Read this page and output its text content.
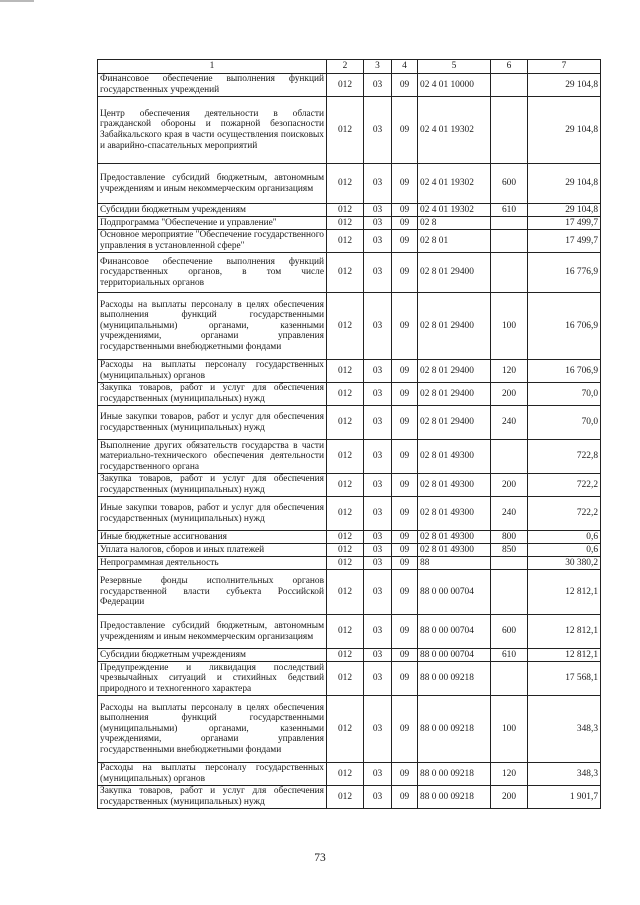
1	2	3	4	5	6	7
Финансовое обеспечение выполнения функций государственных учреждений	012	03	09	02 4 01 10000		29 104,8
Центр обеспечения деятельности в области гражданской обороны и пожарной безопасности Забайкальского края в части осуществления поисковых и аварийно-спасательных мероприятий	012	03	09	02 4 01 19302		29 104,8
Предоставление субсидий бюджетным, автономным учреждениям и иным некоммерческим организациям	012	03	09	02 4 01 19302	600	29 104,8
Субсидии бюджетным учреждениям	012	03	09	02 4 01 19302	610	29 104,8
Подпрограмма "Обеспечение и управление"	012	03	09	02 8		17 499,7
Основное мероприятие "Обеспечение государственного управления в установленной сфере"	012	03	09	02 8 01		17 499,7
Финансовое обеспечение выполнения функций государственных органов, в том числе территориальных органов	012	03	09	02 8 01 29400		16 776,9
Расходы на выплаты персоналу в целях обеспечения выполнения функций государственными (муниципальными) органами, казенными учреждениями, органами управления государственными внебюджетными фондами	012	03	09	02 8 01 29400	100	16 706,9
Расходы на выплаты персоналу государственных (муниципальных) органов	012	03	09	02 8 01 29400	120	16 706,9
Закупка товаров, работ и услуг для обеспечения государственных (муниципальных) нужд	012	03	09	02 8 01 29400	200	70,0
Иные закупки товаров, работ и услуг для обеспечения государственных (муниципальных) нужд	012	03	09	02 8 01 29400	240	70,0
Выполнение других обязательств государства в части материально-технического обеспечения деятельности государственного органа	012	03	09	02 8 01 49300		722,8
Закупка товаров, работ и услуг для обеспечения государственных (муниципальных) нужд	012	03	09	02 8 01 49300	200	722,2
Иные закупки товаров, работ и услуг для обеспечения государственных (муниципальных) нужд	012	03	09	02 8 01 49300	240	722,2
Иные бюджетные ассигнования	012	03	09	02 8 01 49300	800	0,6
Уплата налогов, сборов и иных платежей	012	03	09	02 8 01 49300	850	0,6
Непрограммная деятельность	012	03	09	88		30 380,2
Резервные фонды исполнительных органов государственной власти субъекта Российской Федерации	012	03	09	88 0 00 00704		12 812,1
Предоставление субсидий бюджетным, автономным учреждениям и иным некоммерческим организациям	012	03	09	88 0 00 00704	600	12 812,1
Субсидии бюджетным учреждениям	012	03	09	88 0 00 00704	610	12 812,1
Предупреждение и ликвидация последствий чрезвычайных ситуаций и стихийных бедствий природного и техногенного характера	012	03	09	88 0 00 09218		17 568,1
Расходы на выплаты персоналу в целях обеспечения выполнения функций государственными (муниципальными) органами, казенными учреждениями, органами управления государственными внебюджетными фондами	012	03	09	88 0 00 09218	100	348,3
Расходы на выплаты персоналу государственных (муниципальных) органов	012	03	09	88 0 00 09218	120	348,3
Закупка товаров, работ и услуг для обеспечения государственных (муниципальных) нужд	012	03	09	88 0 00 09218	200	1 901,7
73
